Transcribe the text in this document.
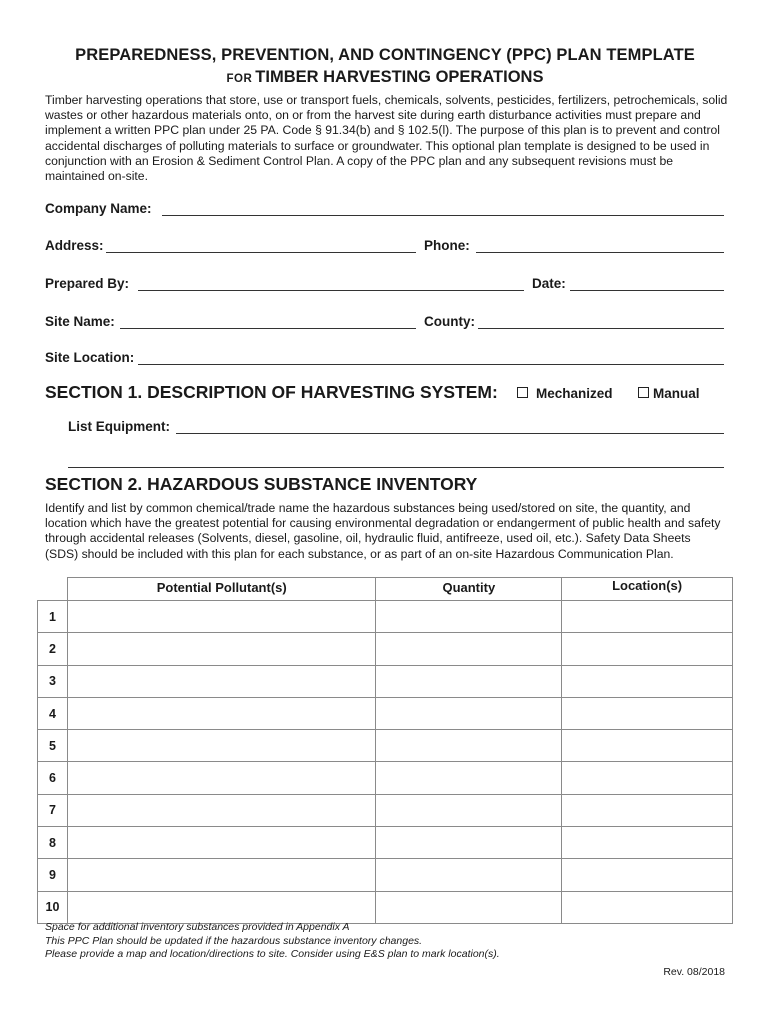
PREPAREDNESS, PREVENTION, AND CONTINGENCY (PPC) PLAN TEMPLATE
FOR TIMBER HARVESTING OPERATIONS
Timber harvesting operations that store, use or transport fuels, chemicals, solvents, pesticides, fertilizers, petrochemicals, solid wastes or other hazardous materials onto, on or from the harvest site during earth disturbance activities must prepare and implement a written PPC plan under 25 PA. Code § 91.34(b) and § 102.5(l). The purpose of this plan is to prevent and control accidental discharges of polluting materials to surface or groundwater. This optional plan template is designed to be used in conjunction with an Erosion & Sediment Control Plan. A copy of the PPC plan and any subsequent revisions must be maintained on-site.
Company Name:
Address:	Phone:
Prepared By:	Date:
Site Name:	County:
Site Location:
SECTION 1. DESCRIPTION OF HARVESTING SYSTEM:	Mechanized	Manual
List Equipment:
SECTION 2. HAZARDOUS SUBSTANCE INVENTORY
Identify and list by common chemical/trade name the hazardous substances being used/stored on site, the quantity, and location which have the greatest potential for causing environmental degradation or endangerment of public health and safety through accidental releases (Solvents, diesel, gasoline, oil, hydraulic fluid, antifreeze, used oil, etc.). Safety Data Sheets (SDS) should be included with this plan for each substance, or as part of an on-site Hazardous Communication Plan.
	Potential Pollutant(s)	Quantity	Location(s)
1			
2			
3			
4			
5			
6			
7			
8			
9			
10			
Space for additional inventory substances provided in Appendix A
This PPC Plan should be updated if the hazardous substance inventory changes.
Please provide a map and location/directions to site. Consider using E&S plan to mark location(s).
Rev. 08/2018
